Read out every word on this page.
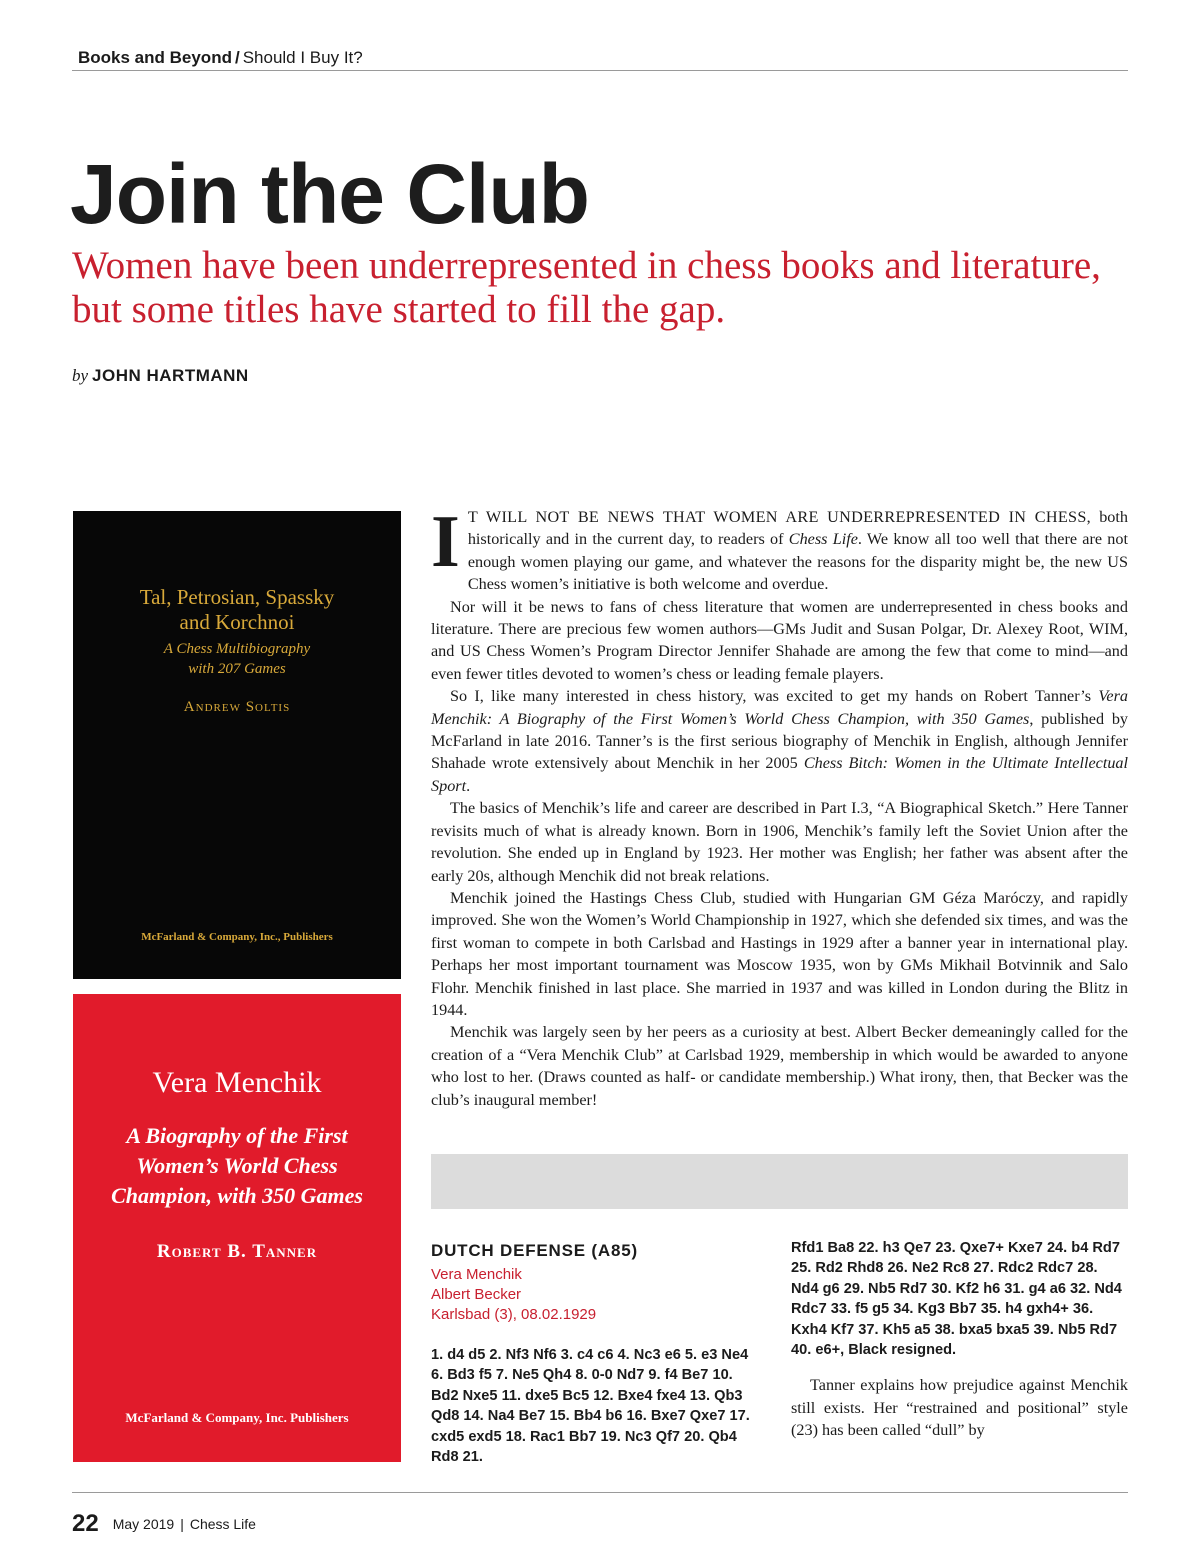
Books and Beyond / Should I Buy It?
Join the Club
Women have been underrepresented in chess books and literature, but some titles have started to fill the gap.
by JOHN HARTMANN
Tal, Petrosian, Spassky and Korchnoi
A Chess Multibiography with 207 Games
Andrew Soltis
McFarland & Company, Inc., Publishers
Vera Menchik
A Biography of the First Women’s World Chess Champion, with 350 Games
Robert B. Tanner
McFarland & Company, Inc. Publishers

I T WILL NOT BE NEWS THAT WOMEN ARE UNDERREPRESENTED IN CHESS, both historically and in the current day, to readers of Chess Life. We know all too well that there are not enough women playing our game, and whatever the reasons for the disparity might be, the new US Chess women’s initiative is both welcome and overdue.

Nor will it be news to fans of chess literature that women are underrepresented in chess books and literature. There are precious few women authors—GMs Judit and Susan Polgar, Dr. Alexey Root, WIM, and US Chess Women’s Program Director Jennifer Shahade are among the few that come to mind—and even fewer titles devoted to women’s chess or leading female players.

So I, like many interested in chess history, was excited to get my hands on Robert Tanner’s Vera Menchik: A Biography of the First Women’s World Chess Champion, with 350 Games, published by McFarland in late 2016. Tanner’s is the first serious biography of Menchik in English, although Jennifer Shahade wrote extensively about Menchik in her 2005 Chess Bitch: Women in the Ultimate Intellectual Sport.

The basics of Menchik’s life and career are described in Part I.3, “A Biographical Sketch.” Here Tanner revisits much of what is already known. Born in 1906, Menchik’s family left the Soviet Union after the revolution. She ended up in England by 1923. Her mother was English; her father was absent after the early 20s, although Menchik did not break relations.

Menchik joined the Hastings Chess Club, studied with Hungarian GM Géza Maróczy, and rapidly improved. She won the Women’s World Championship in 1927, which she defended six times, and was the first woman to compete in both Carlsbad and Hastings in 1929 after a banner year in international play. Perhaps her most important tournament was Moscow 1935, won by GMs Mikhail Botvinnik and Salo Flohr. Menchik finished in last place. She married in 1937 and was killed in London during the Blitz in 1944.

Menchik was largely seen by her peers as a curiosity at best. Albert Becker demeaningly called for the creation of a “Vera Menchik Club” at Carlsbad 1929, membership in which would be awarded to anyone who lost to her. (Draws counted as half- or candidate membership.) What irony, then, that Becker was the club’s inaugural member!

DUTCH DEFENSE (A85)
Vera Menchik
Albert Becker
Karlsbad (3), 08.02.1929
1. d4 d5 2. Nf3 Nf6 3. c4 c6 4. Nc3 e6 5. e3 Ne4 6. Bd3 f5 7. Ne5 Qh4 8. 0-0 Nd7 9. f4 Be7 10. Bd2 Nxe5 11. dxe5 Bc5 12. Bxe4 fxe4 13. Qb3 Qd8 14. Na4 Be7 15. Bb4 b6 16. Bxe7 Qxe7 17. cxd5 exd5 18. Rac1 Bb7 19. Nc3 Qf7 20. Qb4 Rd8 21.
Rfd1 Ba8 22. h3 Qe7 23. Qxe7+ Kxe7 24. b4 Rd7 25. Rd2 Rhd8 26. Ne2 Rc8 27. Rdc2 Rdc7 28. Nd4 g6 29. Nb5 Rd7 30. Kf2 h6 31. g4 a6 32. Nd4 Rdc7 33. f5 g5 34. Kg3 Bb7 35. h4 gxh4+ 36. Kxh4 Kf7 37. Kh5 a5 38. bxa5 bxa5 39. Nb5 Rd7 40. e6+, Black resigned.
Tanner explains how prejudice against Menchik still exists. Her “restrained and positional” style (23) has been called “dull” by
22 May 2019 | Chess Life
